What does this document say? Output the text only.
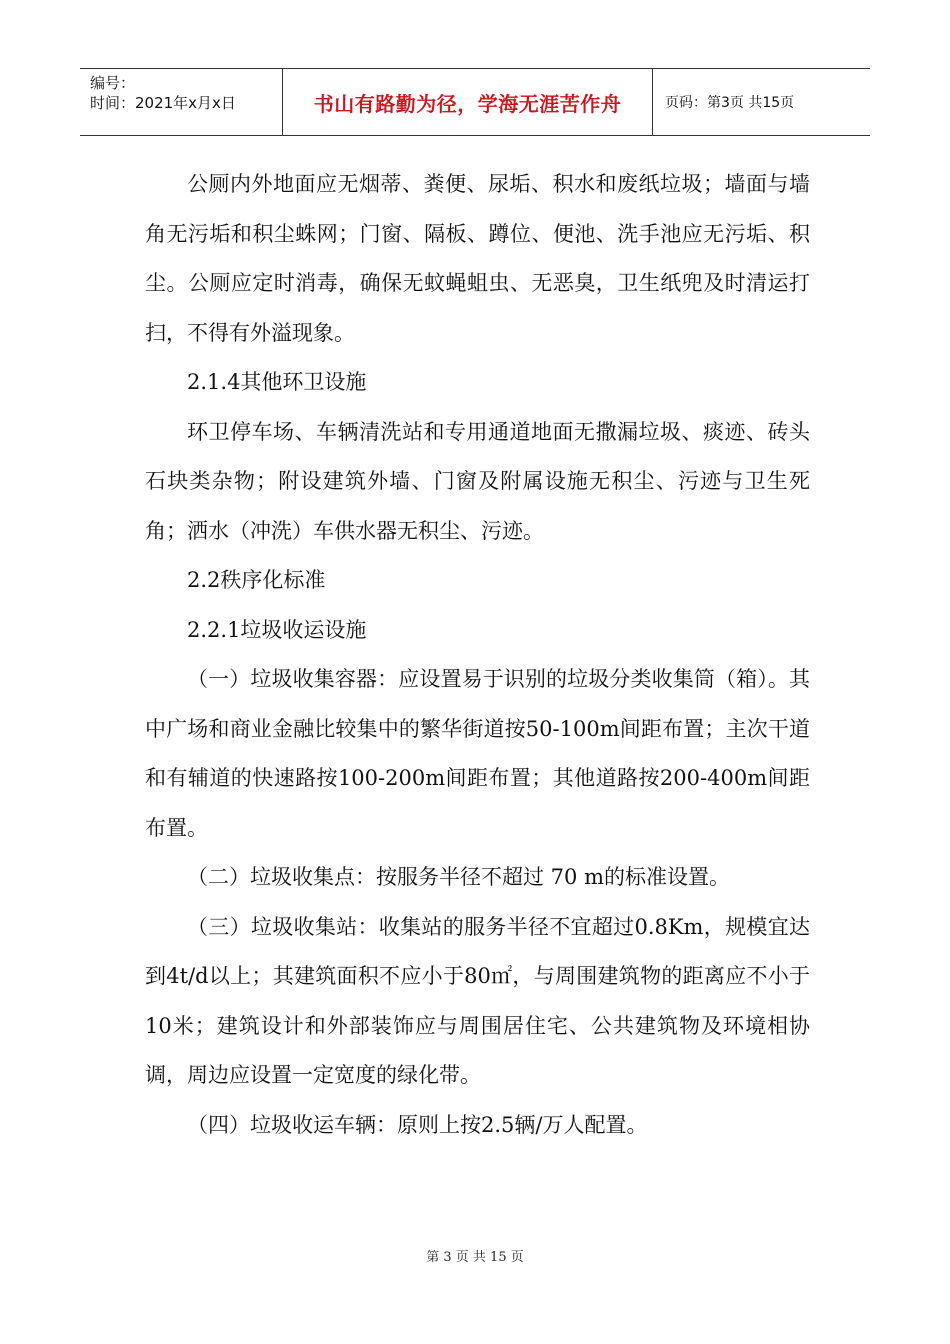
编号：
时间：2021年x月x日	书山有路勤为径，学海无涯苦作舟	页码：第3页 共15页

公厕内外地面应无烟蒂、粪便、尿垢、积水和废纸垃圾；墙面与墙角无污垢和积尘蛛网；门窗、隔板、蹲位、便池、洗手池应无污垢、积尘。公厕应定时消毒，确保无蚊蝇蛆虫、无恶臭，卫生纸兜及时清运打扫，不得有外溢现象。

2.1.4其他环卫设施

环卫停车场、车辆清洗站和专用通道地面无撒漏垃圾、痰迹、砖头石块类杂物；附设建筑外墙、门窗及附属设施无积尘、污迹与卫生死角；洒水（冲洗）车供水器无积尘、污迹。

2.2秩序化标准

2.2.1垃圾收运设施

（一）垃圾收集容器：应设置易于识别的垃圾分类收集筒（箱）。其中广场和商业金融比较集中的繁华街道按50-100m间距布置；主次干道和有辅道的快速路按100-200m间距布置；其他道路按200-400m间距布置。

（二）垃圾收集点：按服务半径不超过 70 m的标准设置。

（三）垃圾收集站：收集站的服务半径不宜超过0.8Km，规模宜达到4t/d以上；其建筑面积不应小于80㎡，与周围建筑物的距离应不小于10米；建筑设计和外部装饰应与周围居住宅、公共建筑物及环境相协调，周边应设置一定宽度的绿化带。

（四）垃圾收运车辆：原则上按2.5辆/万人配置。

第 3 页 共 15 页
